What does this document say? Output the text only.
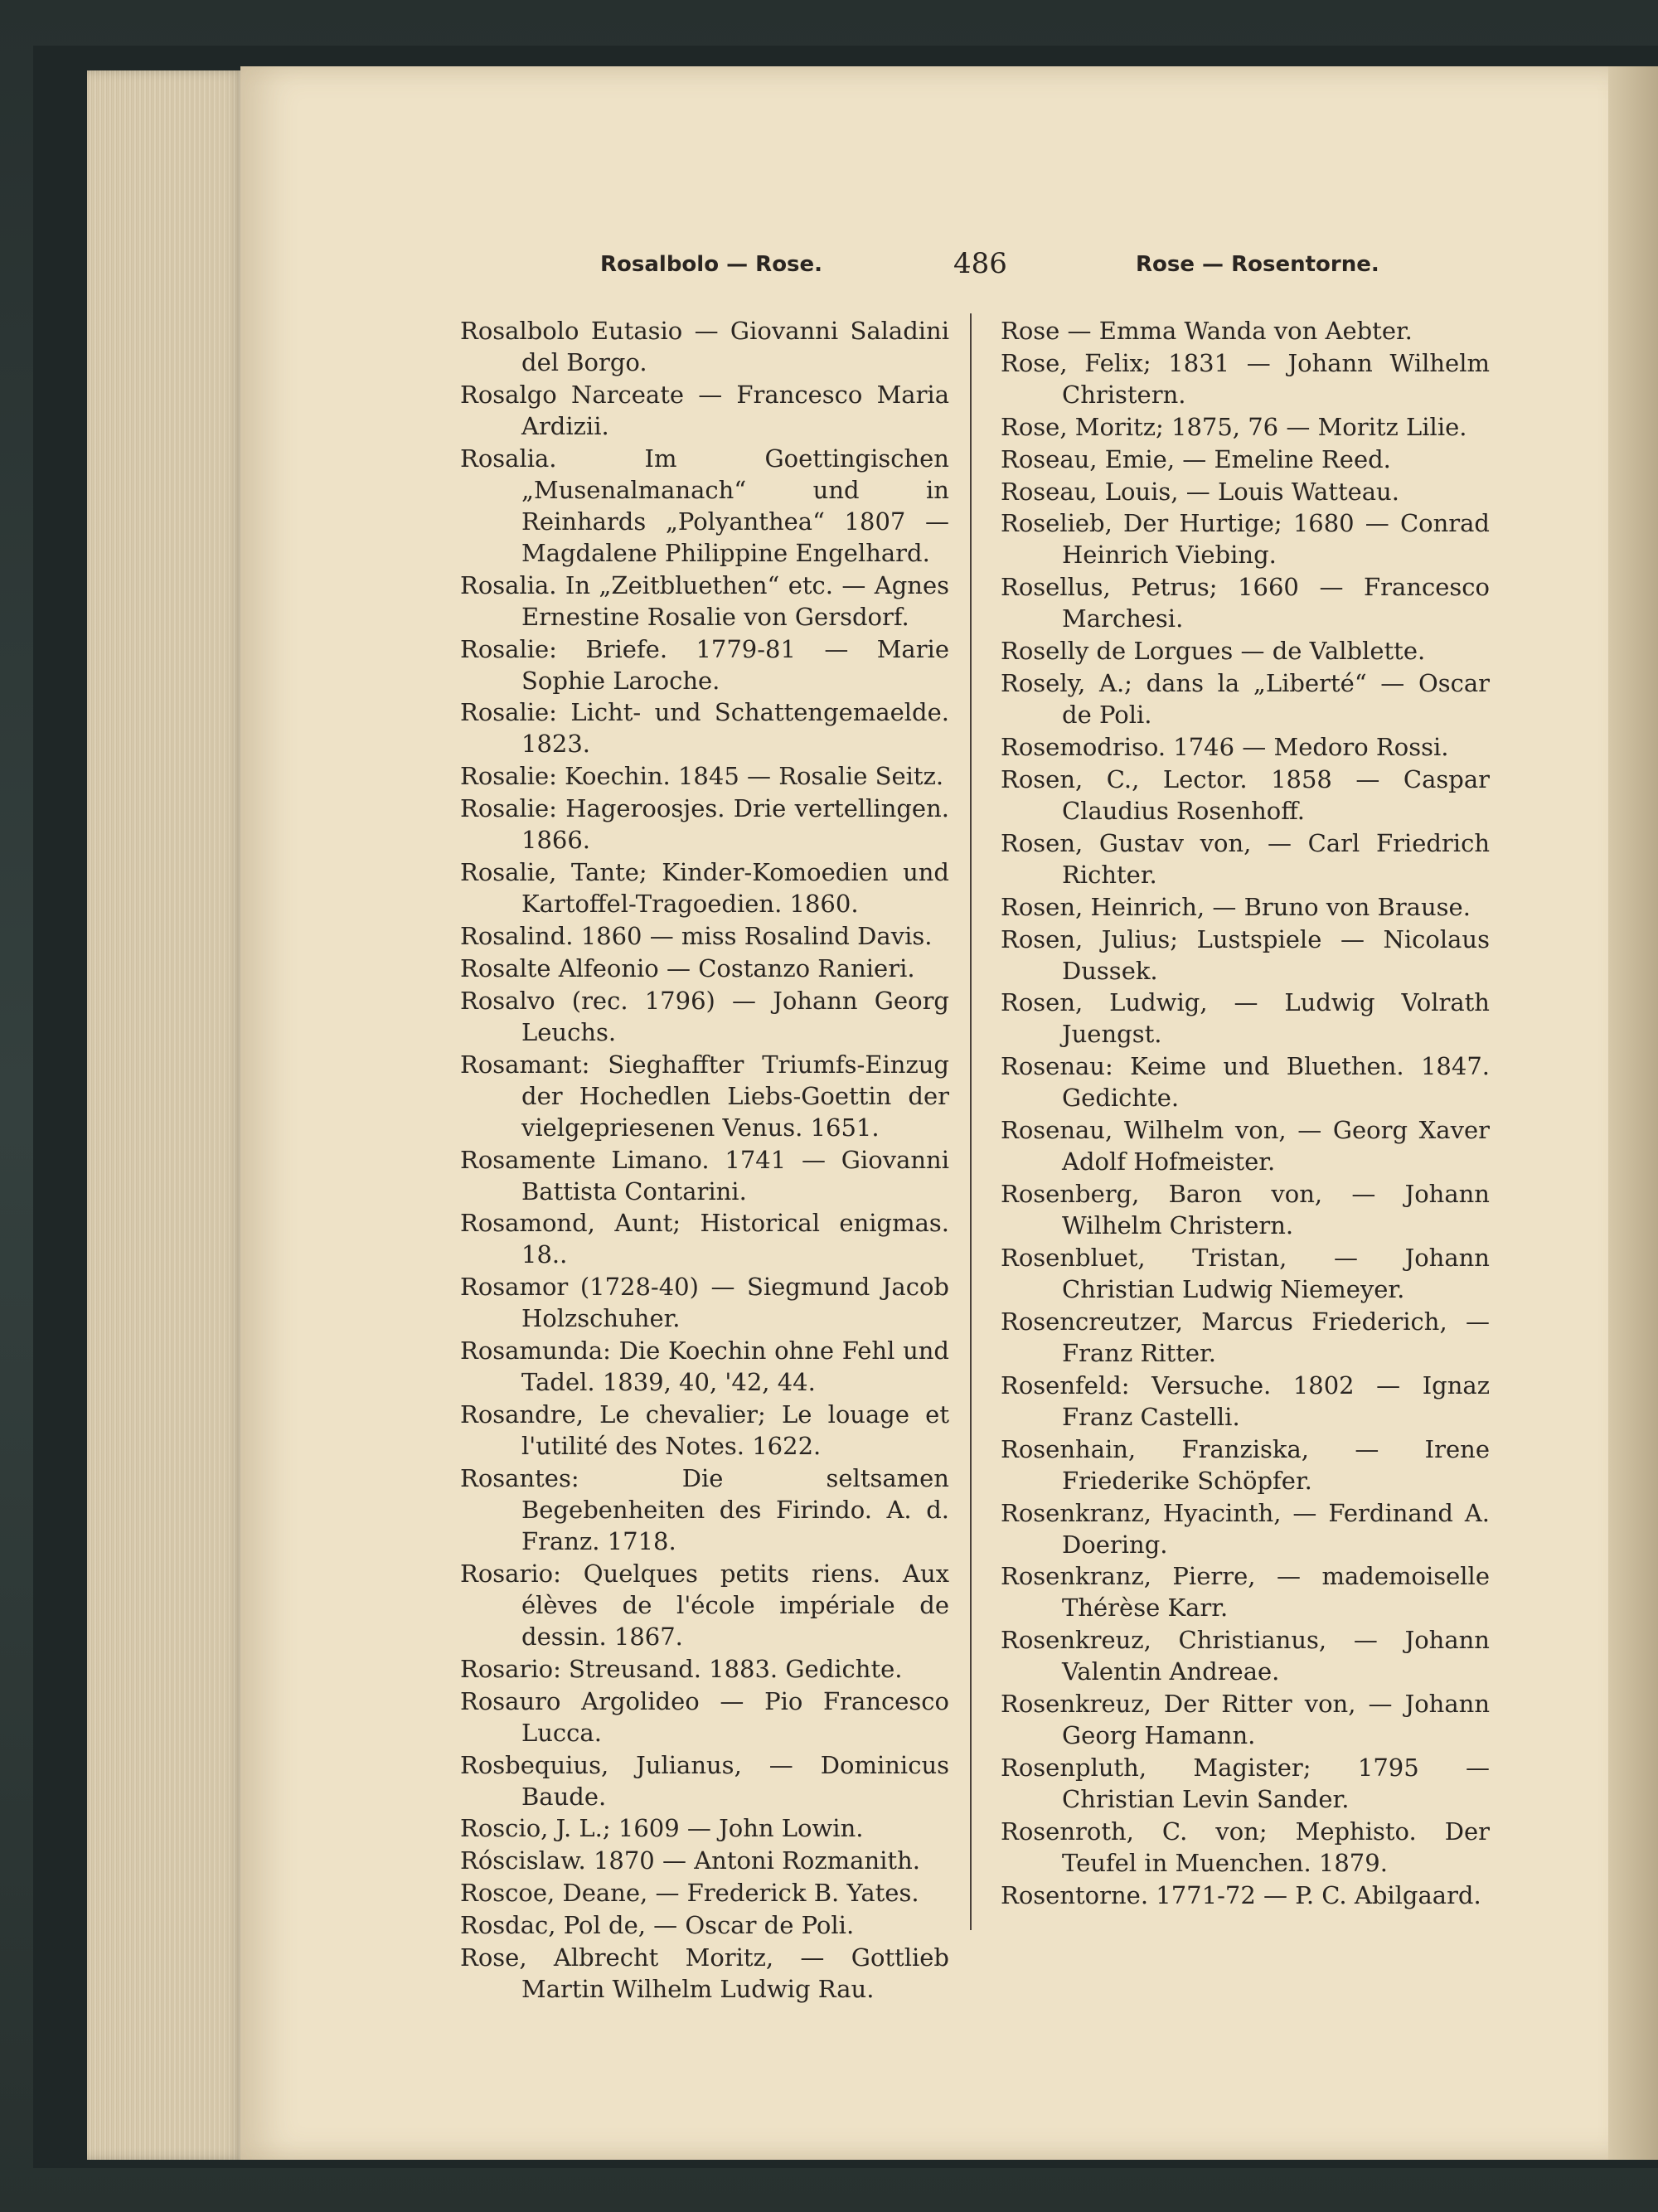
Rosalbolo — Rose.	486	Rose — Rosentorne.
Rosalbolo Eutasio — Giovanni Saladini del Borgo.
Rosalgo Narceate — Francesco Maria Ardizii.
Rosalia. Im Goettingischen „Musenalmanach“ und in Reinhards „Polyanthea“ 1807 — Magdalene Philippine Engelhard.
Rosalia. In „Zeitbluethen“ etc. — Agnes Ernestine Rosalie von Gersdorf.
Rosalie: Briefe. 1779-81 — Marie Sophie Laroche.
Rosalie: Licht- und Schattengemaelde. 1823.
Rosalie: Koechin. 1845 — Rosalie Seitz.
Rosalie: Hageroosjes. Drie vertellingen. 1866.
Rosalie, Tante; Kinder-Komoedien und Kartoffel-Tragoedien. 1860.
Rosalind. 1860 — miss Rosalind Davis.
Rosalte Alfeonio — Costanzo Ranieri.
Rosalvo (rec. 1796) — Johann Georg Leuchs.
Rosamant: Sieghaffter Triumfs-Einzug der Hochedlen Liebs-Goettin der vielgepriesenen Venus. 1651.
Rosamente Limano. 1741 — Giovanni Battista Contarini.
Rosamond, Aunt; Historical enigmas. 18..
Rosamor (1728-40) — Siegmund Jacob Holzschuher.
Rosamunda: Die Koechin ohne Fehl und Tadel. 1839, 40, '42, 44.
Rosandre, Le chevalier; Le louage et l'utilité des Notes. 1622.
Rosantes: Die seltsamen Begebenheiten des Firindo. A. d. Franz. 1718.
Rosario: Quelques petits riens. Aux élèves de l'école impériale de dessin. 1867.
Rosario: Streusand. 1883. Gedichte.
Rosauro Argolideo — Pio Francesco Lucca.
Rosbequius, Julianus, — Dominicus Baude.
Roscio, J. L.; 1609 — John Lowin.
Róscislaw. 1870 — Antoni Rozmanith.
Roscoe, Deane, — Frederick B. Yates.
Rosdac, Pol de, — Oscar de Poli.
Rose, Albrecht Moritz, — Gottlieb Martin Wilhelm Ludwig Rau.
Rose — Emma Wanda von Aebter.
Rose, Felix; 1831 — Johann Wilhelm Christern.
Rose, Moritz; 1875, 76 — Moritz Lilie.
Roseau, Emie, — Emeline Reed.
Roseau, Louis, — Louis Watteau.
Roselieb, Der Hurtige; 1680 — Conrad Heinrich Viebing.
Rosellus, Petrus; 1660 — Francesco Marchesi.
Roselly de Lorgues — de Valblette.
Rosely, A.; dans la „Liberté“ — Oscar de Poli.
Rosemodriso. 1746 — Medoro Rossi.
Rosen, C., Lector. 1858 — Caspar Claudius Rosenhoff.
Rosen, Gustav von, — Carl Friedrich Richter.
Rosen, Heinrich, — Bruno von Brause.
Rosen, Julius; Lustspiele — Nicolaus Dussek.
Rosen, Ludwig, — Ludwig Volrath Juengst.
Rosenau: Keime und Bluethen. 1847. Gedichte.
Rosenau, Wilhelm von, — Georg Xaver Adolf Hofmeister.
Rosenberg, Baron von, — Johann Wilhelm Christern.
Rosenbluet, Tristan, — Johann Christian Ludwig Niemeyer.
Rosencreutzer, Marcus Friederich, — Franz Ritter.
Rosenfeld: Versuche. 1802 — Ignaz Franz Castelli.
Rosenhain, Franziska, — Irene Friederike Schöpfer.
Rosenkranz, Hyacinth, — Ferdinand A. Doering.
Rosenkranz, Pierre, — mademoiselle Thérèse Karr.
Rosenkreuz, Christianus, — Johann Valentin Andreae.
Rosenkreuz, Der Ritter von, — Johann Georg Hamann.
Rosenpluth, Magister; 1795 — Christian Levin Sander.
Rosenroth, C. von; Mephisto. Der Teufel in Muenchen. 1879.
Rosentorne. 1771-72 — P. C. Abilgaard.
